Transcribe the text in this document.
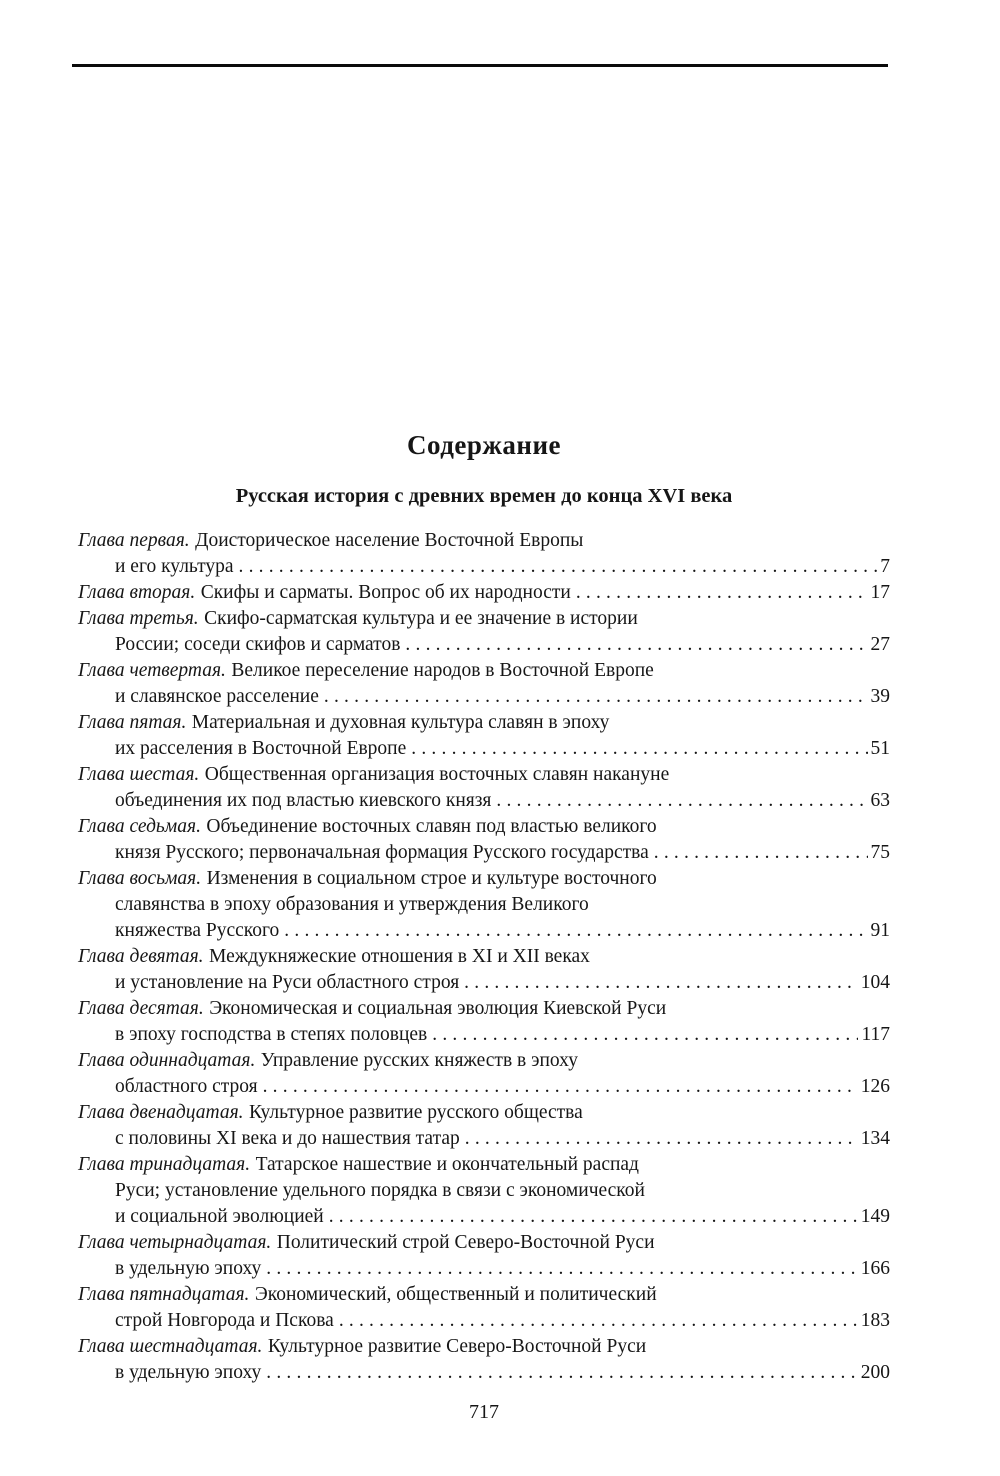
Содержание
Русская история с древних времен до конца XVI века
Глава первая. Доисторическое население Восточной Европы
и его культура .....	7
Глава вторая. Скифы и сарматы. Вопрос об их народности .....	17
Глава третья. Скифо-сарматская культура и ее значение в истории
России; соседи скифов и сарматов .....	27
Глава четвертая. Великое переселение народов в Восточной Европе
и славянское расселение .....	39
Глава пятая. Материальная и духовная культура славян в эпоху
их расселения в Восточной Европе .....	51
Глава шестая. Общественная организация восточных славян накануне
объединения их под властью киевского князя .....	63
Глава седьмая. Объединение восточных славян под властью великого
князя Русского; первоначальная формация Русского государства .....	75
Глава восьмая. Изменения в социальном строе и культуре восточного
славянства в эпоху образования и утверждения Великого
княжества Русского .....	91
Глава девятая. Междукняжеские отношения в XI и XII веках
и установление на Руси областного строя .....	104
Глава десятая. Экономическая и социальная эволюция Киевской Руси
в эпоху господства в степях половцев .....	117
Глава одиннадцатая. Управление русских княжеств в эпоху
областного строя .....	126
Глава двенадцатая. Культурное развитие русского общества
с половины XI века и до нашествия татар .....	134
Глава тринадцатая. Татарское нашествие и окончательный распад
Руси; установление удельного порядка в связи с экономической
и социальной эволюцией .....	149
Глава четырнадцатая. Политический строй Северо-Восточной Руси
в удельную эпоху .....	166
Глава пятнадцатая. Экономический, общественный и политический
строй Новгорода и Пскова .....	183
Глава шестнадцатая. Культурное развитие Северо-Восточной Руси
в удельную эпоху .....	200
717
